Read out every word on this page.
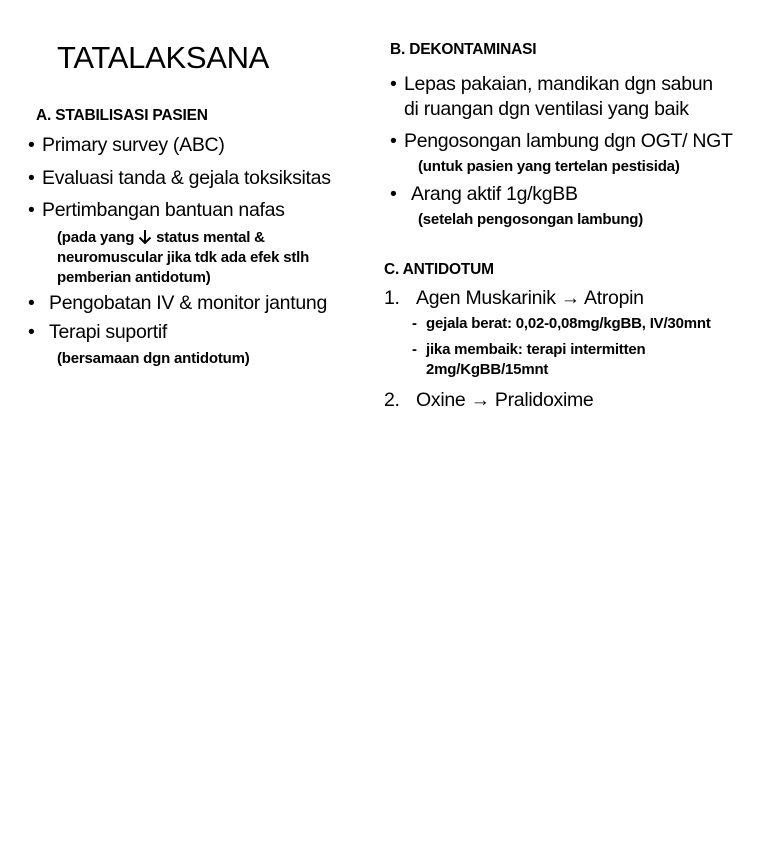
TATALAKSANA
A. STABILISASI PASIEN
• Primary survey (ABC)
• Evaluasi tanda & gejala toksiksitas
• Pertimbangan bantuan nafas
(pada yang status mental &
neuromuscular jika tdk ada efek stlh
pemberian antidotum)
• Pengobatan IV & monitor jantung
• Terapi suportif
(bersamaan dgn antidotum)
B. DEKONTAMINASI
• Lepas pakaian, mandikan dgn sabun
di ruangan dgn ventilasi yang baik
• Pengosongan lambung dgn OGT/ NGT
(untuk pasien yang tertelan pestisida)
• Arang aktif 1g/kgBB
(setelah pengosongan lambung)
C. ANTIDOTUM
1. Agen Muskarinik → Atropin
- gejala berat: 0,02-0,08mg/kgBB, IV/30mnt
- jika membaik: terapi intermitten
2mg/KgBB/15mnt
2. Oxine → Pralidoxime
